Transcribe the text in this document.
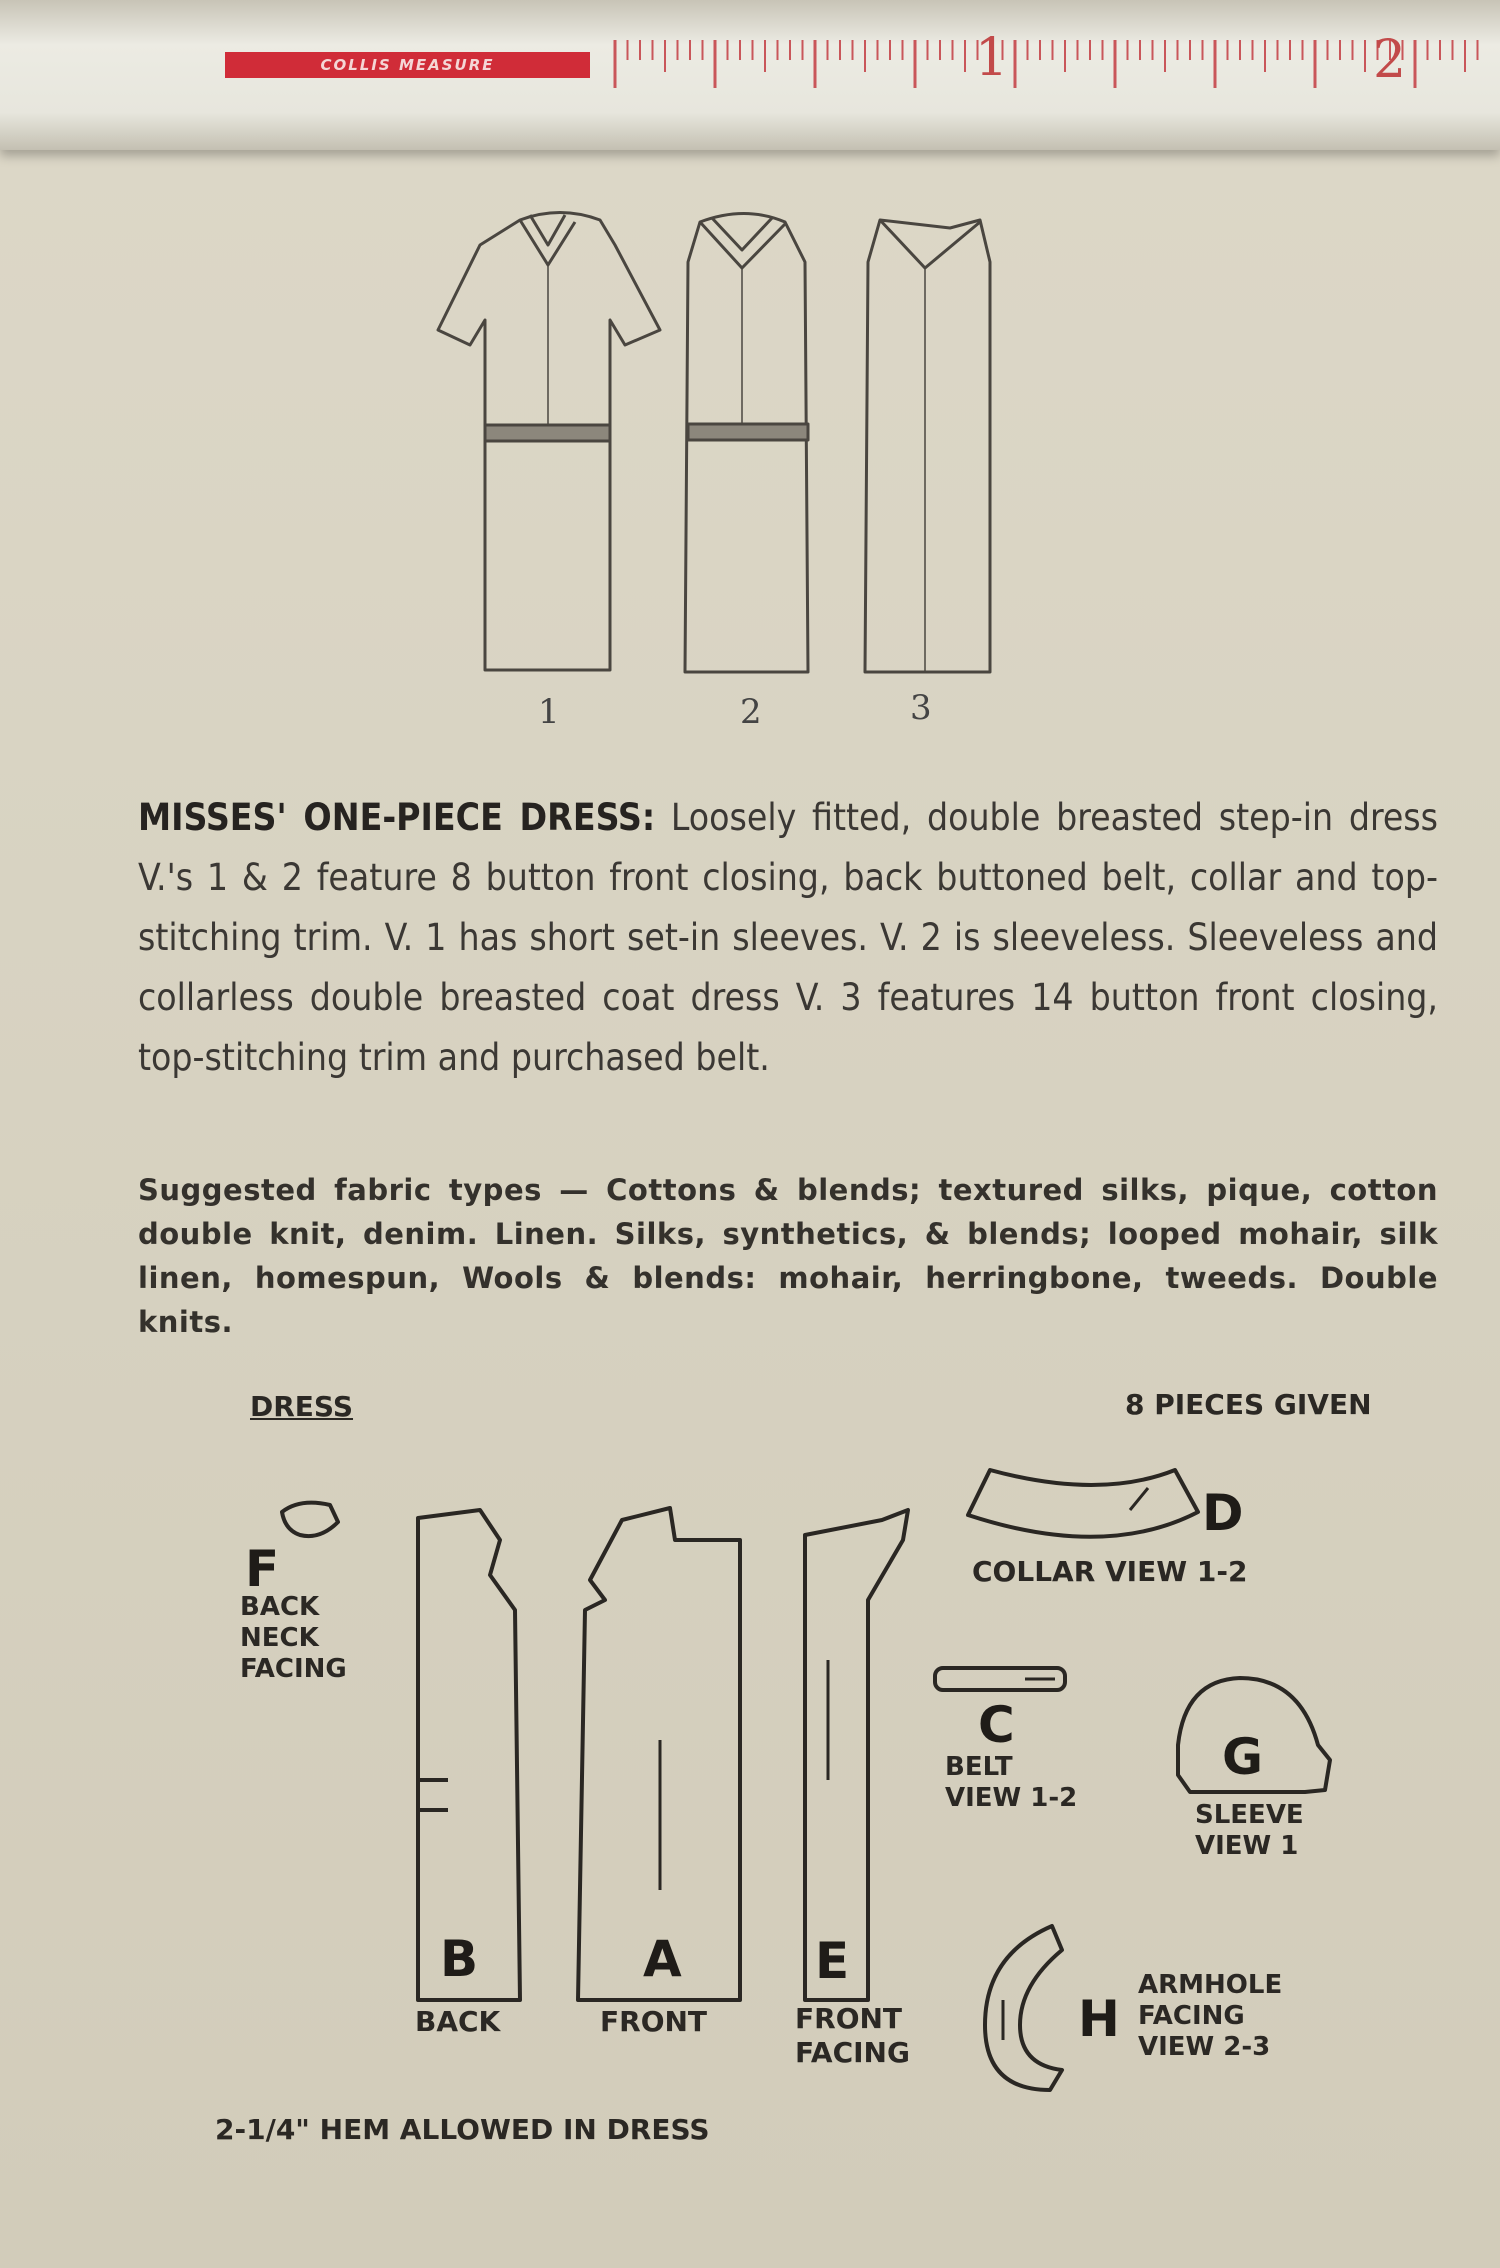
COLLIS MEASURE	1	2
1	2	3
MISSES' ONE-PIECE DRESS: Loosely fitted, double breasted step-in dress V.'s 1 & 2 feature 8 button front closing, back buttoned belt, collar and top-stitching trim. V. 1 has short set-in sleeves. V. 2 is sleeveless. Sleeveless and collarless double breasted coat dress V. 3 features 14 button front closing, top-stitching trim and purchased belt.
Suggested fabric types — Cottons & blends; textured silks, pique, cotton double knit, denim. Linen. Silks, synthetics, & blends; looped mohair, silk linen, homespun, Wools & blends: mohair, herringbone, tweeds. Double knits.
DRESS	8 PIECES GIVEN
F
BACK
NECK
FACING
B
BACK
A
FRONT
E
FRONT
FACING
D
COLLAR VIEW 1-2
C
BELT
VIEW 1-2
G
SLEEVE
VIEW 1
H
ARMHOLE
FACING
VIEW 2-3
2-1/4" HEM ALLOWED IN DRESS
